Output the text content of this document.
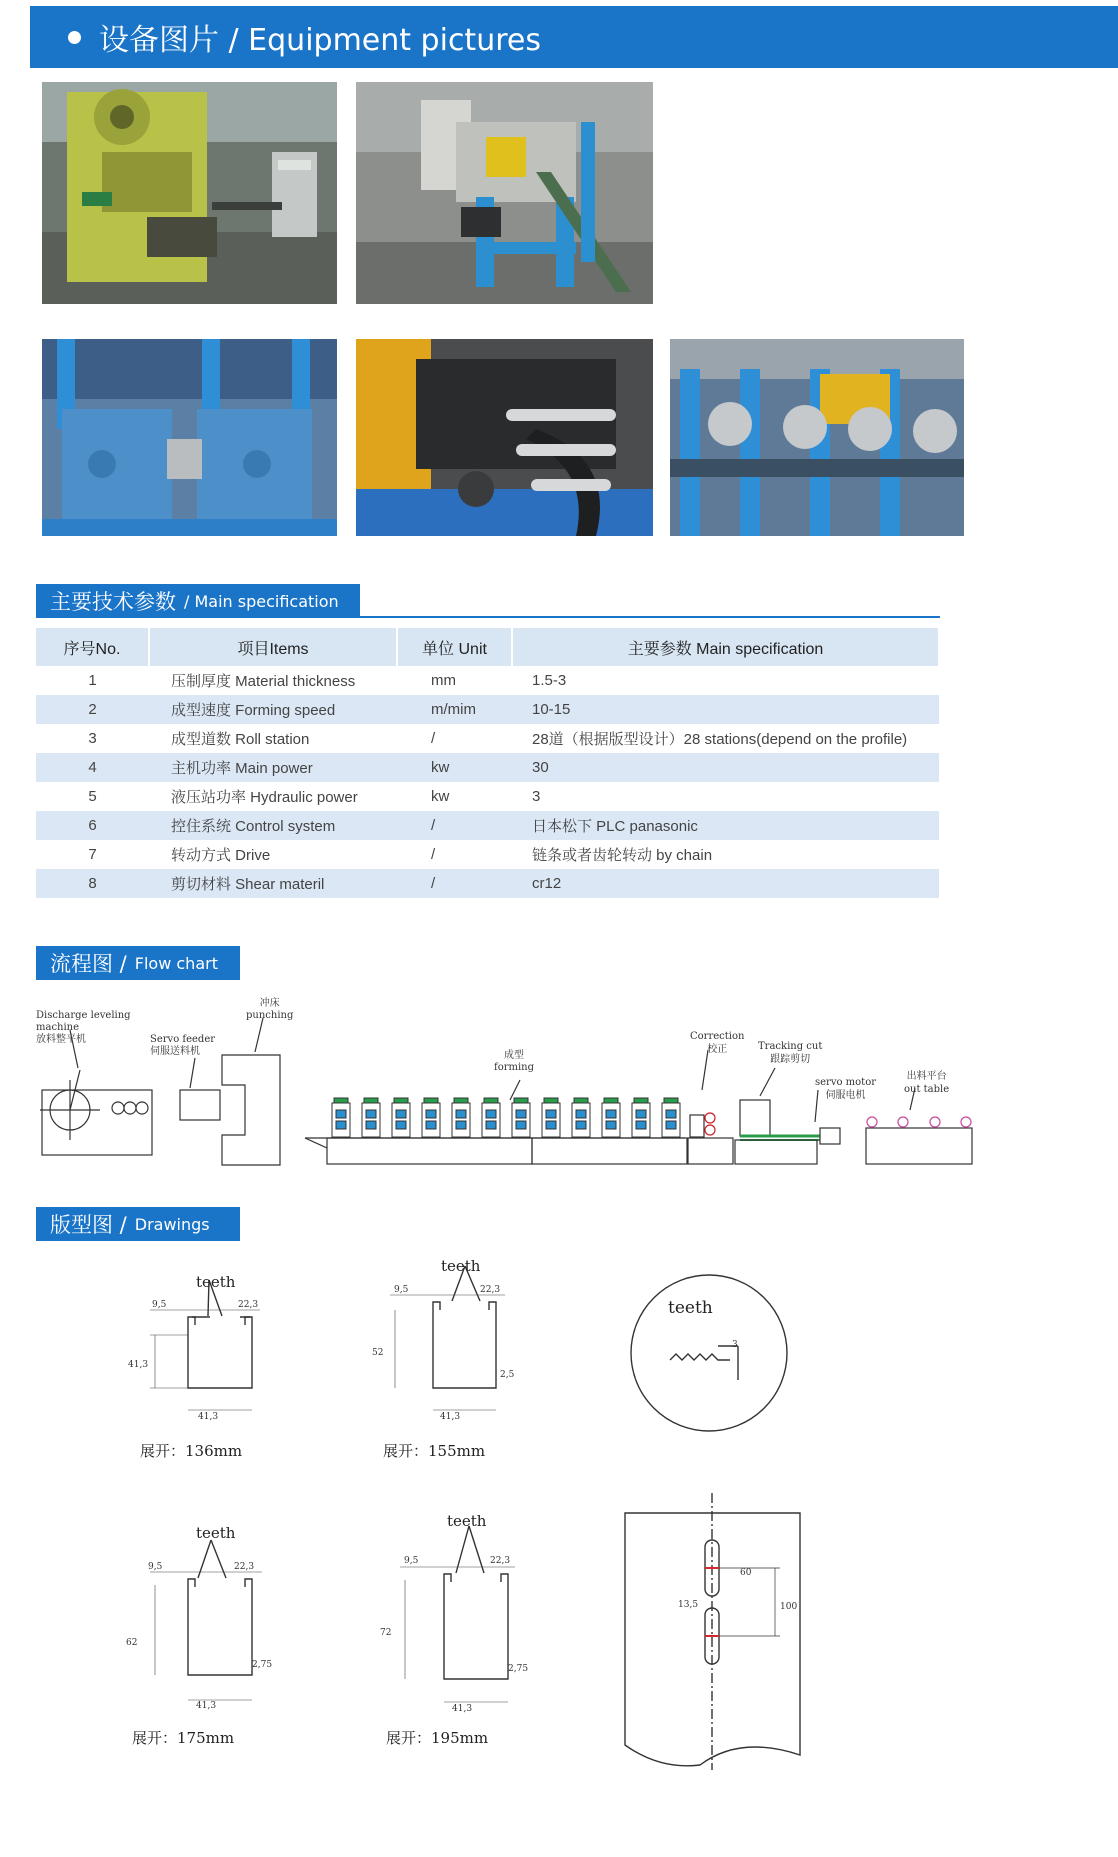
设备图片 / Equipment pictures
主要技术参数 / Main specification
序号No.	项目Items	单位 Unit	主要参数 Main specification
1	压制厚度 Material thickness	mm	1.5-3
2	成型速度 Forming speed	m/mim	10-15
3	成型道数 Roll station	/	28道（根据版型设计）28 stations(depend on the profile)
4	主机功率 Main power	kw	30
5	液压站功率 Hydraulic power	kw	3
6	控住系统 Control system	/	日本松下 PLC panasonic
7	转动方式 Drive	/	链条或者齿轮转动 by chain
8	剪切材料 Shear materil	/	cr12
流程图 / Flow chart
Discharge leveling
machine
放料整平机	Servo feeder
伺服送料机
冲床
punching
成型
forming
Correction
校正	Tracking cut
跟踪剪切
servo motor
伺服电机
出料平台
out table
版型图 / Drawings
teeth
teeth
teeth
teeth
teeth
展开：136mm	展开：155mm
展开：175mm	展开：195mm
9,5	22,3
41,3
41,3
9,5	22,3
52
41,3
2,5
3
9,5	22,3
62
41,3
2,75
9,5	22,3
72
41,3
2,75
60
100
13,5
